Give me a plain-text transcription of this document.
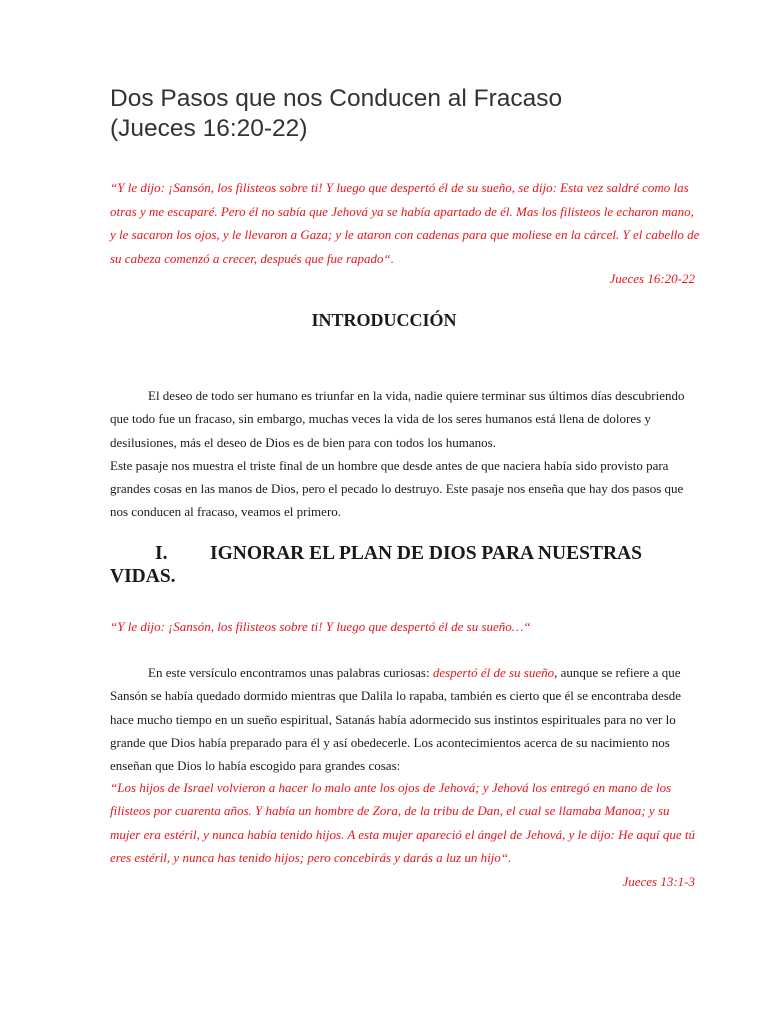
Dos Pasos que nos Conducen al Fracaso
(Jueces 16:20-22)

“Y le dijo: ¡Sansón, los filisteos sobre ti! Y luego que despertó él de su sueño, se dijo: Esta vez saldré como las otras y me escaparé. Pero él no sabía que Jehová ya se había apartado de él. Mas los filisteos le echaron mano, y le sacaron los ojos, y le llevaron a Gaza; y le ataron con cadenas para que moliese en la cárcel. Y el cabello de su cabeza comenzó a crecer, después que fue rapado“.

Jueces 16:20-22

INTRODUCCIÓN
El deseo de todo ser humano es triunfar en la vida, nadie quiere terminar sus últimos días descubriendo que todo fue un fracaso, sin embargo, muchas veces la vida de los seres humanos está llena de dolores y desilusiones, más el deseo de Dios es de bien para con todos los humanos.
Este pasaje nos muestra el triste final de un hombre que desde antes de que naciera había sido provisto para grandes cosas en las manos de Dios, pero el pecado lo destruyo. Este pasaje nos enseña que hay dos pasos que nos conducen al fracaso, veamos el primero.
I. IGNORAR EL PLAN DE DIOS PARA NUESTRAS VIDAS.

“Y le dijo: ¡Sansón, los filisteos sobre ti! Y luego que despertó él de su sueño…“

En este versículo encontramos unas palabras curiosas: despertó él de su sueño, aunque se refiere a que Sansón se había quedado dormido mientras que Dalila lo rapaba, también es cierto que él se encontraba desde hace mucho tiempo en un sueño espiritual, Satanás había adormecido sus instintos espirituales para no ver lo grande que Dios había preparado para él y así obedecerle. Los acontecimientos acerca de su nacimiento nos enseñan que Dios lo había escogido para grandes cosas:

“Los hijos de Israel volvieron a hacer lo malo ante los ojos de Jehová; y Jehová los entregó en mano de los filisteos por cuarenta años. Y había un hombre de Zora, de la tribu de Dan, el cual se llamaba Manoa; y su mujer era estéril, y nunca había tenido hijos. A esta mujer apareció el ángel de Jehová, y le dijo: He aquí que tú eres estéril, y nunca has tenido hijos; pero concebirás y darás a luz un hijo“.

Jueces 13:1-3
